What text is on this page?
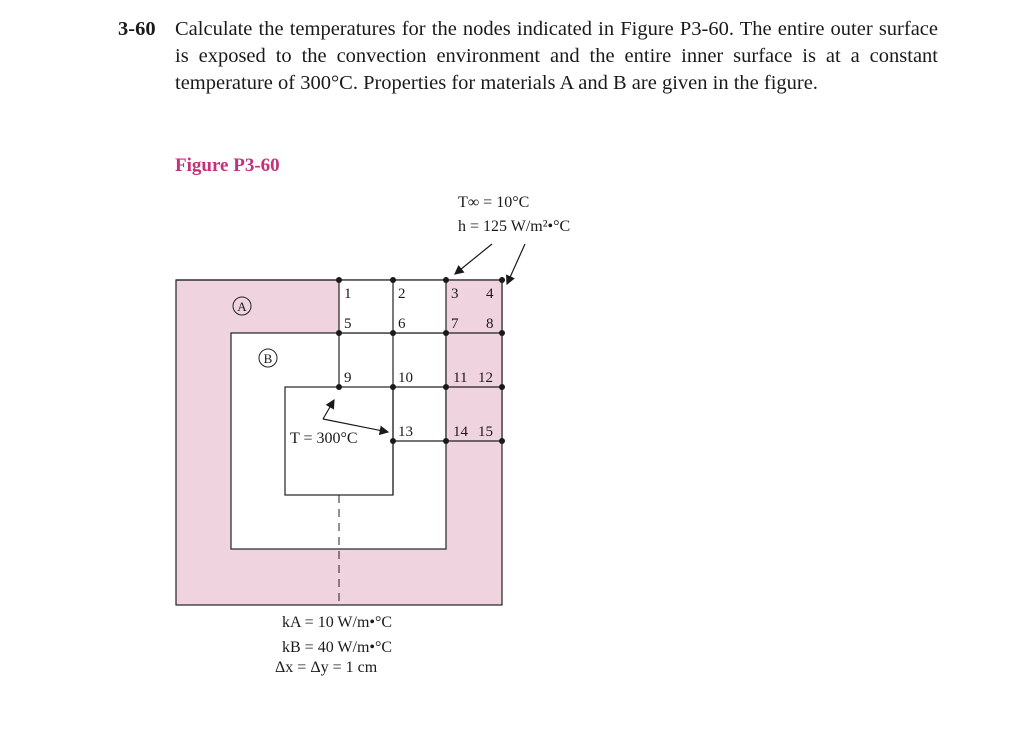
3-60 Calculate the temperatures for the nodes indicated in Figure P3-60. The entire outer surface is exposed to the convection environment and the entire inner surface is at a constant temperature of 300°C. Properties for materials A and B are given in the figure.
Figure P3-60
A
B
1	2	3 4
5	6	7 8
9	10	11 12
13	14 15
T∞ = 10°C
h = 125 W/m²•°C
T = 300°C
kA = 10 W/m•°C
kB = 40 W/m•°C
Δx = Δy = 1 cm
